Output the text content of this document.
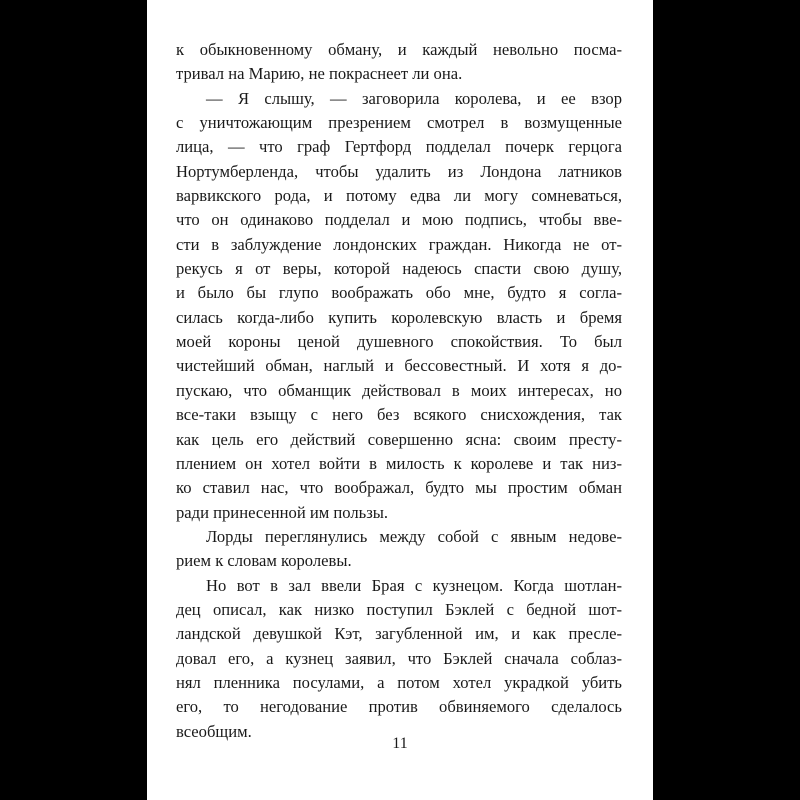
к обыкновенному обману, и каждый невольно посма-
тривал на Марию, не покраснеет ли она.
— Я слышу, — заговорила королева, и ее взор
с уничтожающим презрением смотрел в возмущенные
лица, — что граф Гертфорд подделал почерк герцога
Нортумберленда, чтобы удалить из Лондона латников
варвикского рода, и потому едва ли могу сомневаться,
что он одинаково подделал и мою подпись, чтобы вве-
сти в заблуждение лондонских граждан. Никогда не от-
рекусь я от веры, которой надеюсь спасти свою душу,
и было бы глупо воображать обо мне, будто я согла-
силась когда-либо купить королевскую власть и бремя
моей короны ценой душевного спокойствия. То был
чистейший обман, наглый и бессовестный. И хотя я до-
пускаю, что обманщик действовал в моих интересах, но
все-таки взыщу с него без всякого снисхождения, так
как цель его действий совершенно ясна: своим престу-
плением он хотел войти в милость к королеве и так низ-
ко ставил нас, что воображал, будто мы простим обман
ради принесенной им пользы.
Лорды переглянулись между собой с явным недове-
рием к словам королевы.
Но вот в зал ввели Брая с кузнецом. Когда шотлан-
дец описал, как низко поступил Бэклей с бедной шот-
ландской девушкой Кэт, загубленной им, и как пресле-
довал его, а кузнец заявил, что Бэклей сначала соблаз-
нял пленника посулами, а потом хотел украдкой убить
его, то негодование против обвиняемого сделалось
всеобщим.
11
